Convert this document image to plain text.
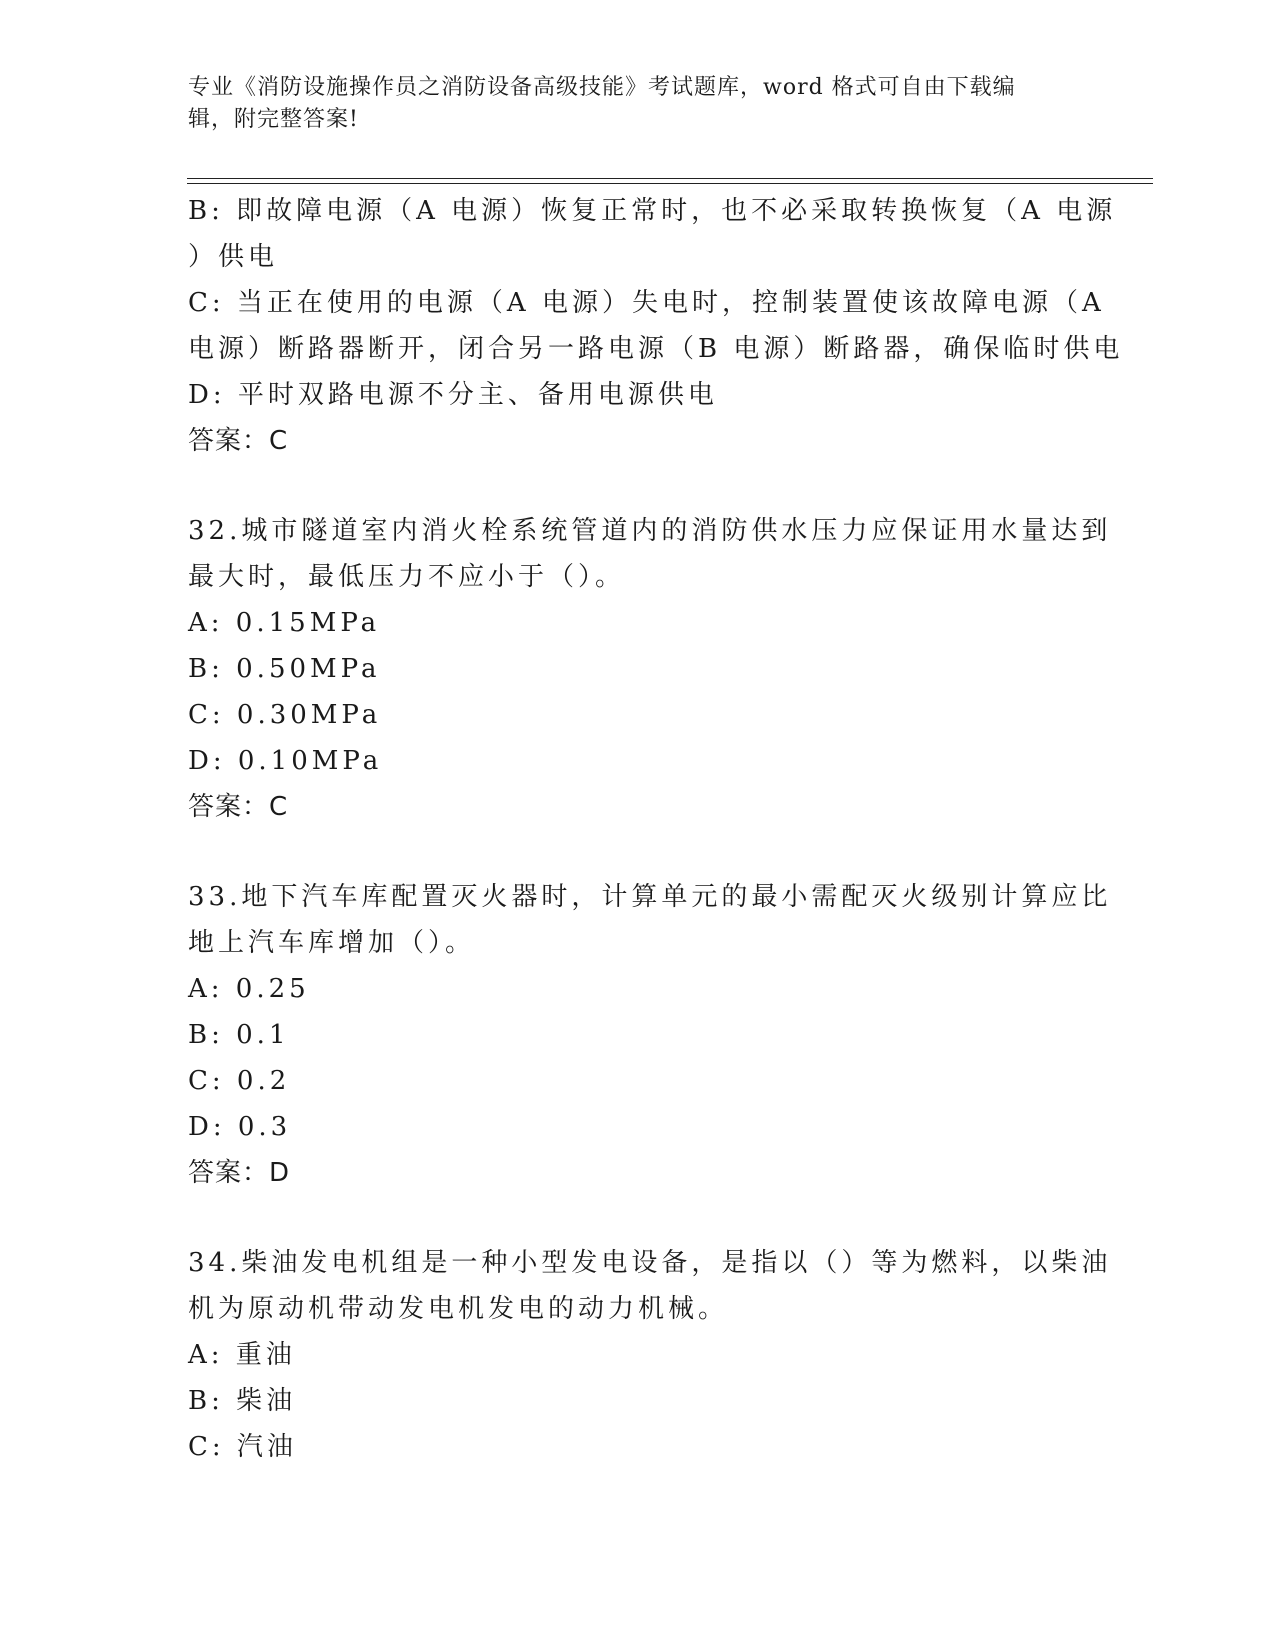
专业《消防设施操作员之消防设备高级技能》考试题库，word 格式可自由下载编
辑，附完整答案!
B: 即故障电源（A 电源）恢复正常时，也不必采取转换恢复（A 电源
）供电
C: 当正在使用的电源（A 电源）失电时，控制装置使该故障电源（A
电源）断路器断开，闭合另一路电源（B 电源）断路器，确保临时供电
D: 平时双路电源不分主、备用电源供电
答案：C
32.城市隧道室内消火栓系统管道内的消防供水压力应保证用水量达到
最大时，最低压力不应小于（）。
A: 0.15MPa
B: 0.50MPa
C: 0.30MPa
D: 0.10MPa
答案：C
33.地下汽车库配置灭火器时，计算单元的最小需配灭火级别计算应比
地上汽车库增加（）。
A: 0.25
B: 0.1
C: 0.2
D: 0.3
答案：D
34.柴油发电机组是一种小型发电设备，是指以（）等为燃料，以柴油
机为原动机带动发电机发电的动力机械。
A: 重油
B: 柴油
C: 汽油
